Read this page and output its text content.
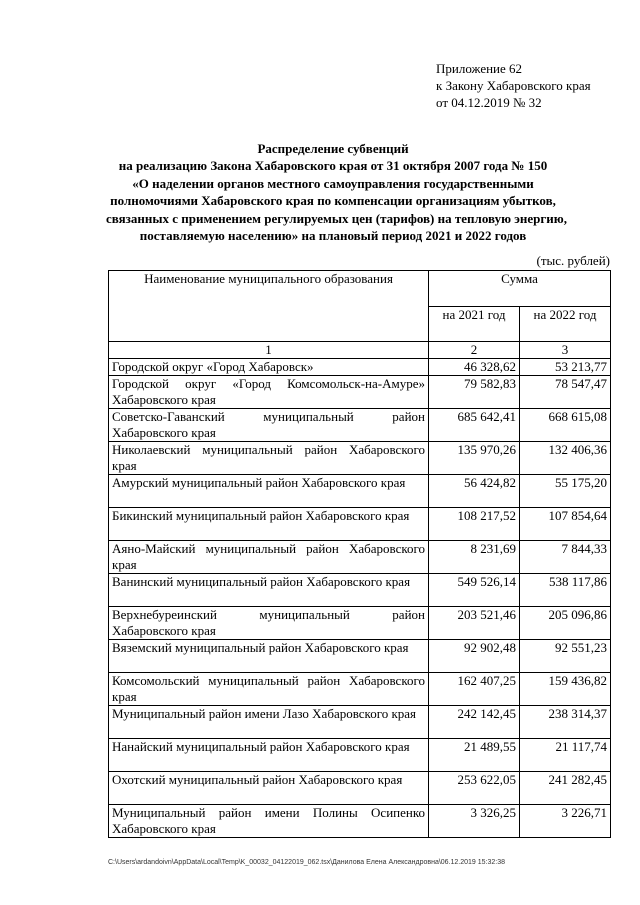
Приложение 62
к Закону Хабаровского края
от 04.12.2019 № 32
Распределение субвенций
на реализацию Закона Хабаровского края от 31 октября 2007 года № 150
«О наделении органов местного самоуправления государственными
полномочиями Хабаровского края по компенсации организациям убытков,
связанных с применением регулируемых цен (тарифов) на тепловую энергию,
поставляемую населению» на плановый период 2021 и 2022 годов
(тыс. рублей)
Наименование муниципального образования	Сумма	
	на 2021 год	на 2022 год
1	2	3
Городской округ «Город Хабаровск»	46 328,62	53 213,77
Городской округ «Город Комсомольск-на-Амуре» Хабаровского края	79 582,83	78 547,47
Советско-Гаванский муниципальный район Хабаровского края	685 642,41	668 615,08
Николаевский муниципальный район Хабаровского края	135 970,26	132 406,36
Амурский муниципальный район Хабаровского края	56 424,82	55 175,20
Бикинский муниципальный район Хабаровского края	108 217,52	107 854,64
Аяно-Майский муниципальный район Хабаровского края	8 231,69	7 844,33
Ванинский муниципальный район Хабаровского края	549 526,14	538 117,86
Верхнебуреинский муниципальный район Хабаровского края	203 521,46	205 096,86
Вяземский муниципальный район Хабаровского края	92 902,48	92 551,23
Комсомольский муниципальный район Хабаровского края	162 407,25	159 436,82
Муниципальный район имени Лазо Хабаровского края	242 142,45	238 314,37
Нанайский муниципальный район Хабаровского края	21 489,55	21 117,74
Охотский муниципальный район Хабаровского края	253 622,05	241 282,45
Муниципальный район имени Полины Осипенко Хабаровского края	3 326,25	3 226,71
C:\Users\ardandoivn\AppData\Local\Temp\K_00032_04122019_062.tsx\Данилова Елена Александровна\06.12.2019 15:32:38
